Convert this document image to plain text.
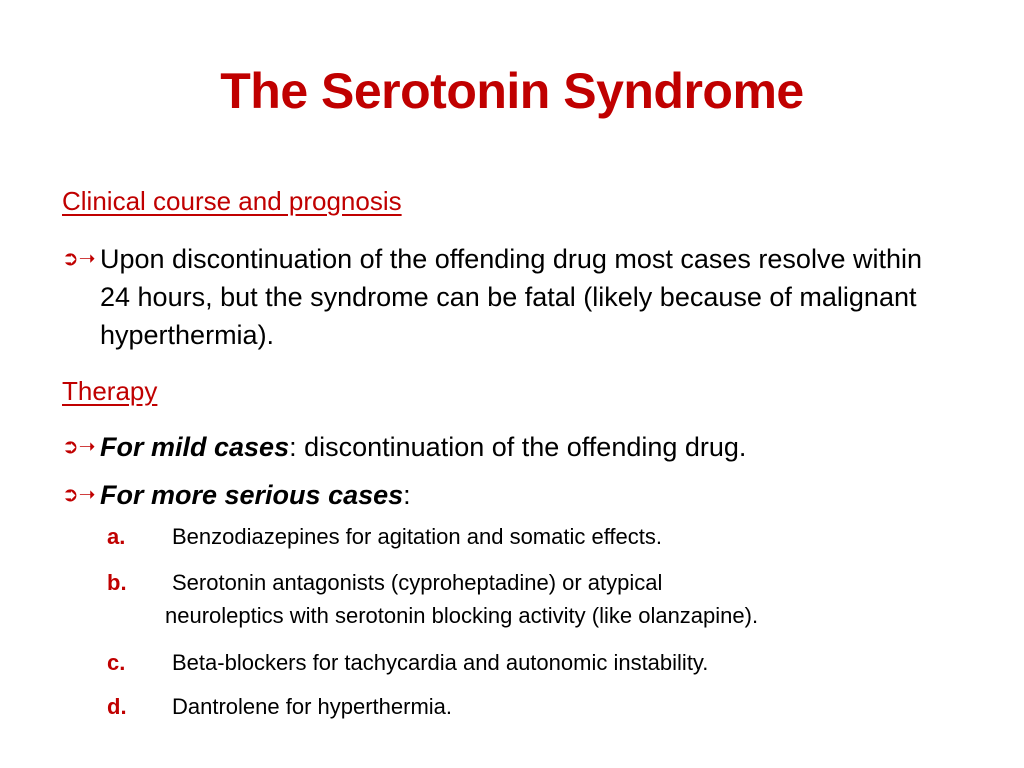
The Serotonin Syndrome
Clinical course and prognosis
➲➝ Upon discontinuation of the offending drug most cases resolve within 24 hours, but the syndrome can be fatal (likely because of malignant hyperthermia).
Therapy
➲➝ For mild cases: discontinuation of the offending drug.
➲➝ For more serious cases:
a.	Benzodiazepines for agitation and somatic effects.
b.	Serotonin antagonists (cyproheptadine) or atypical
neuroleptics with serotonin blocking activity (like olanzapine).
c.	Beta-blockers for tachycardia and autonomic instability.
d.	Dantrolene for hyperthermia.
